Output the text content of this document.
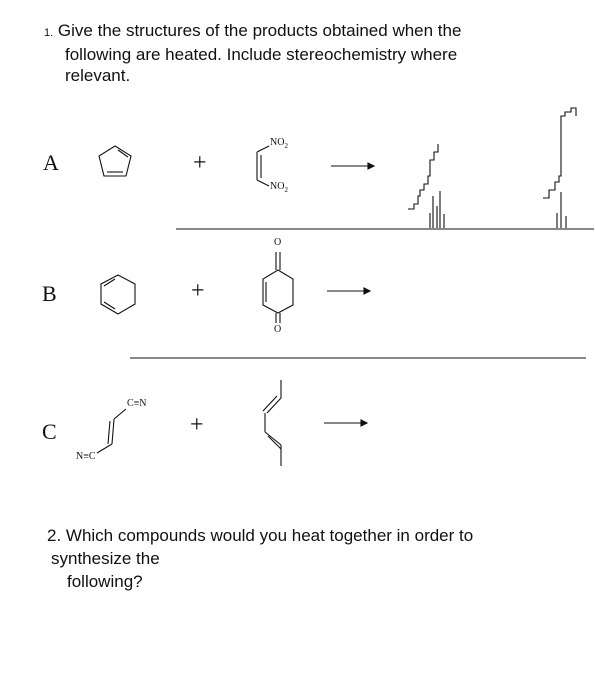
1. Give the structures of the products obtained when the
following are heated. Include stereochemistry where
relevant.
A	+
B	+
C	+
$NO_2$
$NO_2$
O
O
C≡N
N≡C
2. Which compounds would you heat together in order to
synthesize the
following?
